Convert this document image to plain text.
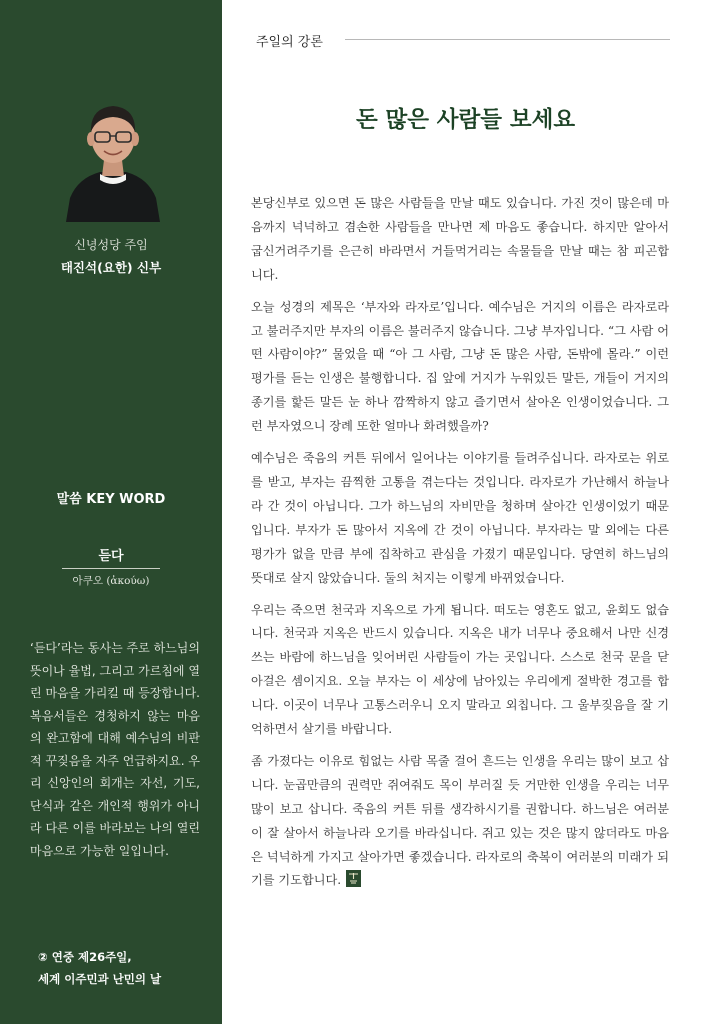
신녕성당 주임
태진석(요한) 신부
말씀 KEY WORD
듣다
아쿠오 (ἀκούω)
‘듣다’라는 동사는 주로 하느님의 뜻이나 율법, 그리고 가르침에 열린 마음을 가리킬 때 등장합니다. 복음서들은 경청하지 않는 마음의 완고함에 대해 예수님의 비판적 꾸짖음을 자주 언급하지요. 우리 신앙인의 회개는 자선, 기도, 단식과 같은 개인적 행위가 아니라 다른 이를 바라보는 나의 열린 마음으로 가능한 일입니다.
② 연중 제26주일,
세계 이주민과 난민의 날
주일의 강론
돈 많은 사람들 보세요

본당신부로 있으면 돈 많은 사람들을 만날 때도 있습니다. 가진 것이 많은데 마음까지 넉넉하고 겸손한 사람들을 만나면 제 마음도 좋습니다. 하지만 알아서 굽신거려주기를 은근히 바라면서 거들먹거리는 속물들을 만날 때는 참 피곤합니다.

오늘 성경의 제목은 ‘부자와 라자로’입니다. 예수님은 거지의 이름은 라자로라고 불러주지만 부자의 이름은 불러주지 않습니다. 그냥 부자입니다. “그 사람 어떤 사람이야?” 물었을 때 “아 그 사람, 그냥 돈 많은 사람, 돈밖에 몰라.” 이런 평가를 듣는 인생은 불행합니다. 집 앞에 거지가 누워있든 말든, 개들이 거지의 종기를 핥든 말든 눈 하나 깜짝하지 않고 즐기면서 살아온 인생이었습니다. 그런 부자였으니 장례 또한 얼마나 화려했을까?

예수님은 죽음의 커튼 뒤에서 일어나는 이야기를 들려주십니다. 라자로는 위로를 받고, 부자는 끔찍한 고통을 겪는다는 것입니다. 라자로가 가난해서 하늘나라 간 것이 아닙니다. 그가 하느님의 자비만을 청하며 살아간 인생이었기 때문입니다. 부자가 돈 많아서 지옥에 간 것이 아닙니다. 부자라는 말 외에는 다른 평가가 없을 만큼 부에 집착하고 관심을 가졌기 때문입니다. 당연히 하느님의 뜻대로 살지 않았습니다. 둘의 처지는 이렇게 바뀌었습니다.

우리는 죽으면 천국과 지옥으로 가게 됩니다. 떠도는 영혼도 없고, 윤회도 없습니다. 천국과 지옥은 반드시 있습니다. 지옥은 내가 너무나 중요해서 나만 신경 쓰는 바람에 하느님을 잊어버린 사람들이 가는 곳입니다. 스스로 천국 문을 닫아걸은 셈이지요. 오늘 부자는 이 세상에 남아있는 우리에게 절박한 경고를 합니다. 이곳이 너무나 고통스러우니 오지 말라고 외칩니다. 그 울부짖음을 잘 기억하면서 살기를 바랍니다.

좀 가졌다는 이유로 힘없는 사람 목줄 걸어 흔드는 인생을 우리는 많이 보고 삽니다. 눈곱만큼의 권력만 쥐여줘도 목이 부러질 듯 거만한 인생을 우리는 너무 많이 보고 삽니다. 죽음의 커튼 뒤를 생각하시기를 권합니다. 하느님은 여러분이 잘 살아서 하늘나라 오기를 바라십니다. 쥐고 있는 것은 많지 않더라도 마음은 넉넉하게 가지고 살아가면 좋겠습니다. 라자로의 축복이 여러분의 미래가 되기를 기도합니다.
